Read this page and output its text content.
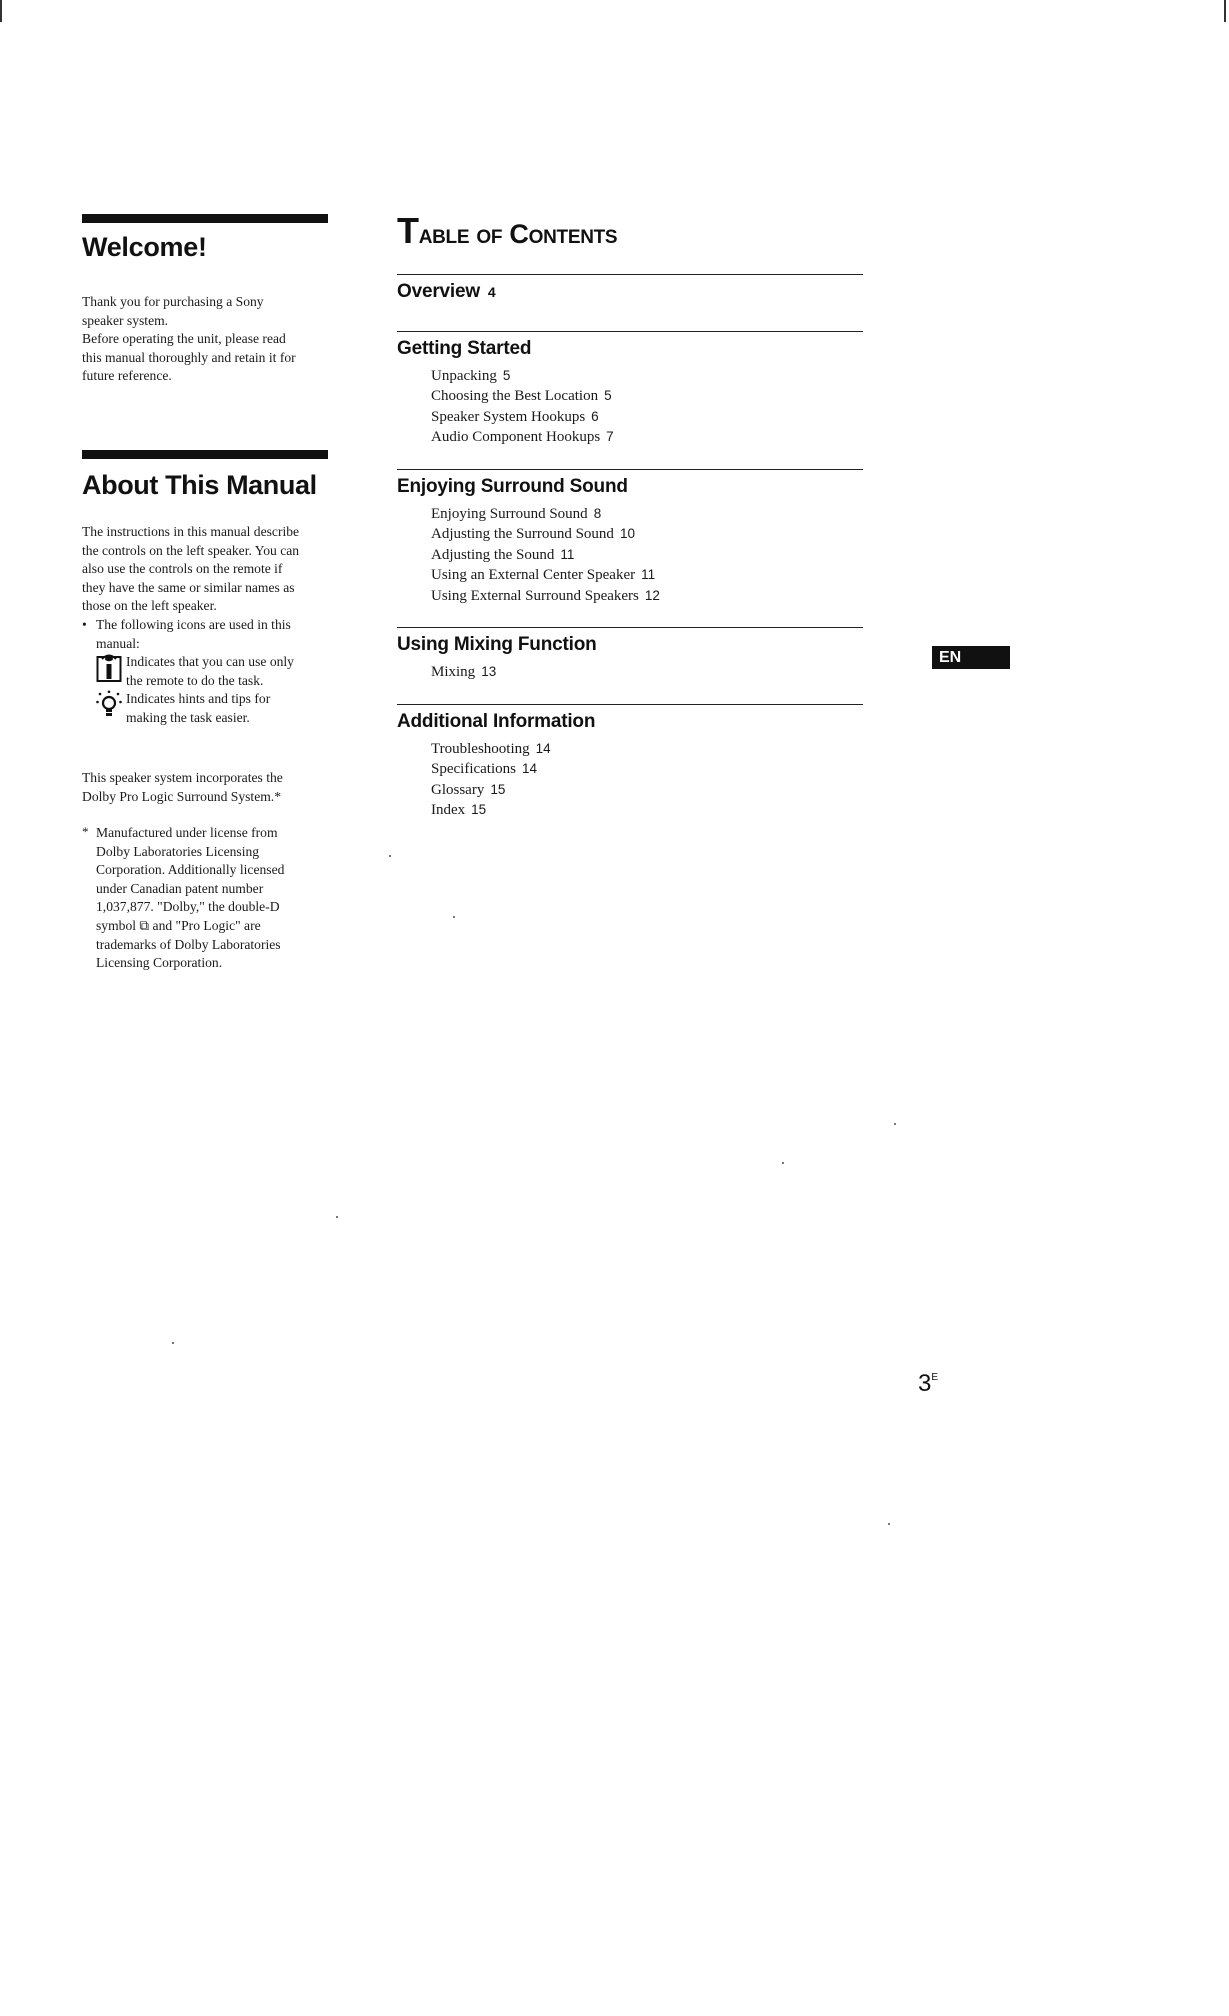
Welcome!

Thank you for purchasing a Sony
speaker system.
Before operating the unit, please read
this manual thoroughly and retain it for
future reference.

About This Manual

The instructions in this manual describe
the controls on the left speaker. You can
also use the controls on the remote if
they have the same or similar names as
those on the left speaker.

• The following icons are used in this manual:
Indicates that you can use only
the remote to do the task.
Indicates hints and tips for
making the task easier.
This speaker system incorporates the
Dolby Pro Logic Surround System.*
* Manufactured under license from
Dolby Laboratories Licensing
Corporation. Additionally licensed
under Canadian patent number
1,037,877. "Dolby," the double-D
symbol ⧉ and "Pro Logic" are
trademarks of Dolby Laboratories
Licensing Corporation.
Table of Contents
Overview 4
Getting Started
Unpacking 5
Choosing the Best Location 5
Speaker System Hookups 6
Audio Component Hookups 7
Enjoying Surround Sound
Enjoying Surround Sound 8
Adjusting the Surround Sound 10
Adjusting the Sound 11
Using an External Center Speaker 11
Using External Surround Speakers 12
Using Mixing Function
Mixing 13
Additional Information
Troubleshooting 14
Specifications 14
Glossary 15
Index 15
EN
$3^E$
